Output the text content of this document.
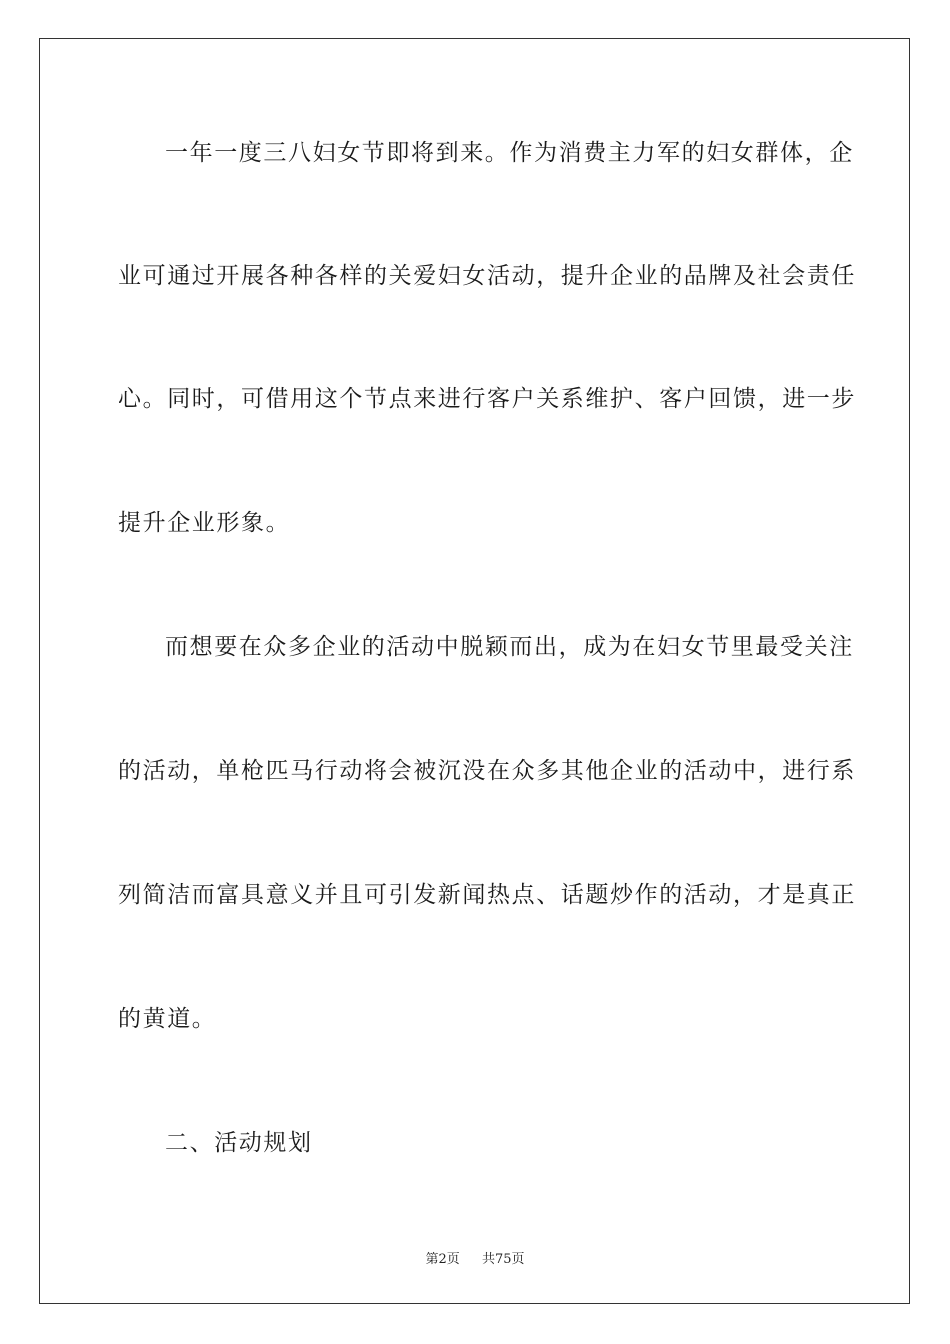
一年一度三八妇女节即将到来。作为消费主力军的妇女群体，企
业可通过开展各种各样的关爱妇女活动，提升企业的品牌及社会责任
心。同时，可借用这个节点来进行客户关系维护、客户回馈，进一步
提升企业形象。
而想要在众多企业的活动中脱颖而出，成为在妇女节里最受关注
的活动，单枪匹马行动将会被沉没在众多其他企业的活动中，进行系
列简洁而富具意义并且可引发新闻热点、话题炒作的活动，才是真正
的黄道。
二、活动规划
第2页 共75页
